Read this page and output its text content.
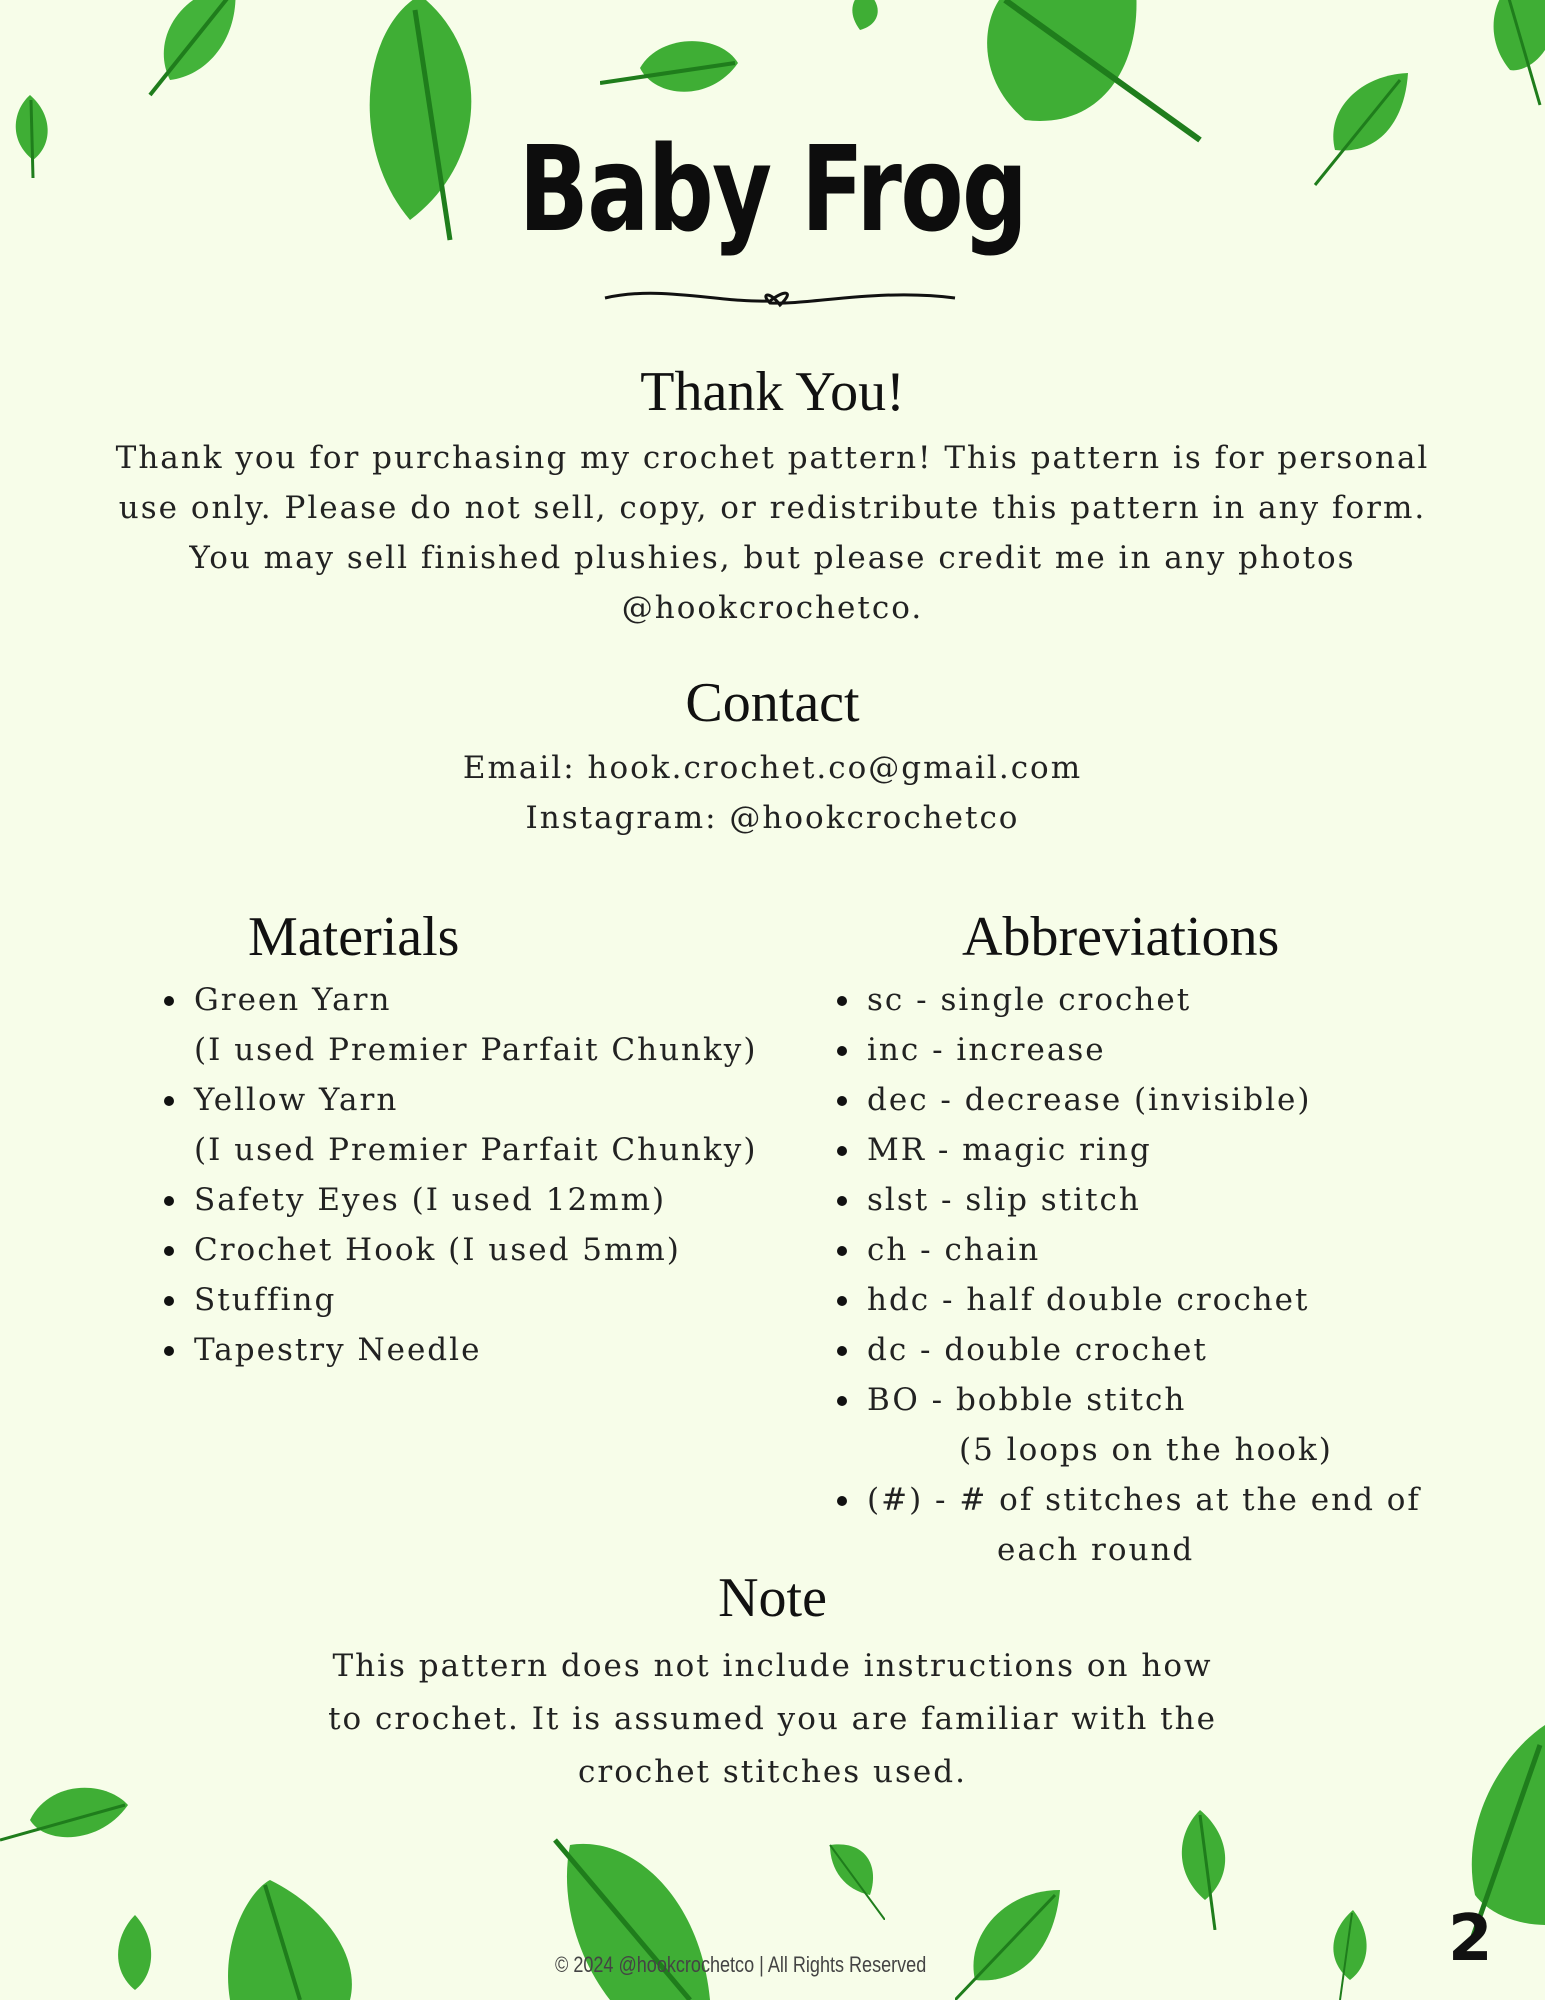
Baby Frog
Thank You!
Thank you for purchasing my crochet pattern! This pattern is for personal
use only. Please do not sell, copy, or redistribute this pattern in any form.
You may sell finished plushies, but please credit me in any photos
@hookcrochetco.
Contact
Email: hook.crochet.co@gmail.com
Instagram: @hookcrochetco
Materials
Green Yarn
(I used Premier Parfait Chunky)
Yellow Yarn
(I used Premier Parfait Chunky)
Safety Eyes (I used 12mm)
Crochet Hook (I used 5mm)
Stuffing
Tapestry Needle
Abbreviations
sc - single crochet
inc - increase
dec - decrease (invisible)
MR - magic ring
slst - slip stitch
ch - chain
hdc - half double crochet
dc - double crochet
BO - bobble stitch
(5 loops on the hook)
(#) - # of stitches at the end of
each round
Note
This pattern does not include instructions on how
to crochet. It is assumed you are familiar with the
crochet stitches used.
© 2024 @hookcrochetco | All Rights Reserved	2
